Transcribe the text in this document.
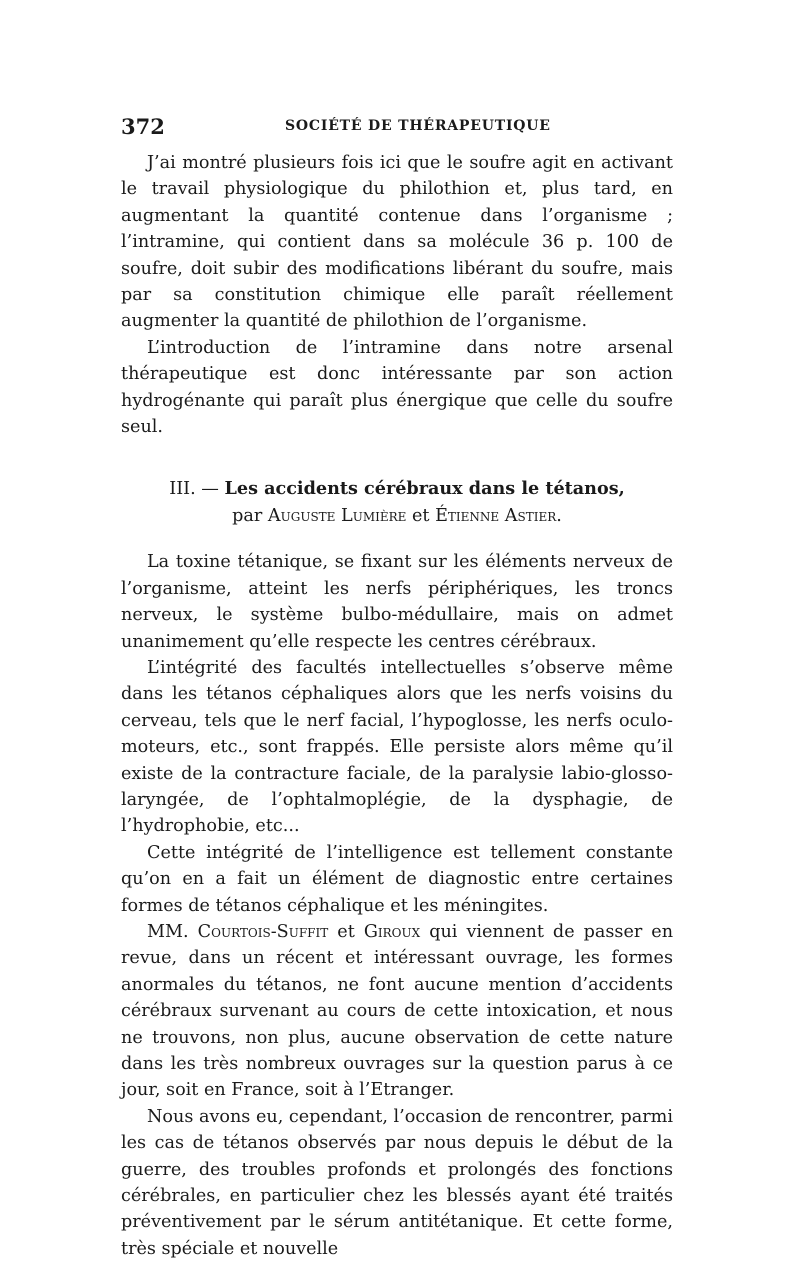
372	SOCIÉTÉ DE THÉRAPEUTIQUE

J’ai montré plusieurs fois ici que le soufre agit en activant le travail physiologique du philothion et, plus tard, en augmentant la quantité contenue dans l’organisme ; l’intramine, qui contient dans sa molécule 36 p. 100 de soufre, doit subir des modifications libérant du soufre, mais par sa constitution chimique elle paraît réellement augmenter la quantité de philothion de l’organisme.

L’introduction de l’intramine dans notre arsenal thérapeutique est donc intéressante par son action hydrogénante qui paraît plus énergique que celle du soufre seul.

III. — Les accidents cérébraux dans le tétanos,
par Auguste Lumière et Étienne Astier.

La toxine tétanique, se fixant sur les éléments nerveux de l’organisme, atteint les nerfs périphériques, les troncs nerveux, le système bulbo-médullaire, mais on admet unanimement qu’elle respecte les centres cérébraux.

L’intégrité des facultés intellectuelles s’observe même dans les tétanos céphaliques alors que les nerfs voisins du cerveau, tels que le nerf facial, l’hypoglosse, les nerfs oculo-moteurs, etc., sont frappés. Elle persiste alors même qu’il existe de la contracture faciale, de la paralysie labio-glosso-laryngée, de l’ophtalmoplégie, de la dysphagie, de l’hydrophobie, etc...

Cette intégrité de l’intelligence est tellement constante qu’on en a fait un élément de diagnostic entre certaines formes de tétanos céphalique et les méningites.

MM. Courtois-Suffit et Giroux qui viennent de passer en revue, dans un récent et intéressant ouvrage, les formes anormales du tétanos, ne font aucune mention d’accidents cérébraux survenant au cours de cette intoxication, et nous ne trouvons, non plus, aucune observation de cette nature dans les très nombreux ouvrages sur la question parus à ce jour, soit en France, soit à l’Etranger.

Nous avons eu, cependant, l’occasion de rencontrer, parmi les cas de tétanos observés par nous depuis le début de la guerre, des troubles profonds et prolongés des fonctions cérébrales, en particulier chez les blessés ayant été traités préventivement par le sérum antitétanique. Et cette forme, très spéciale et nouvelle
